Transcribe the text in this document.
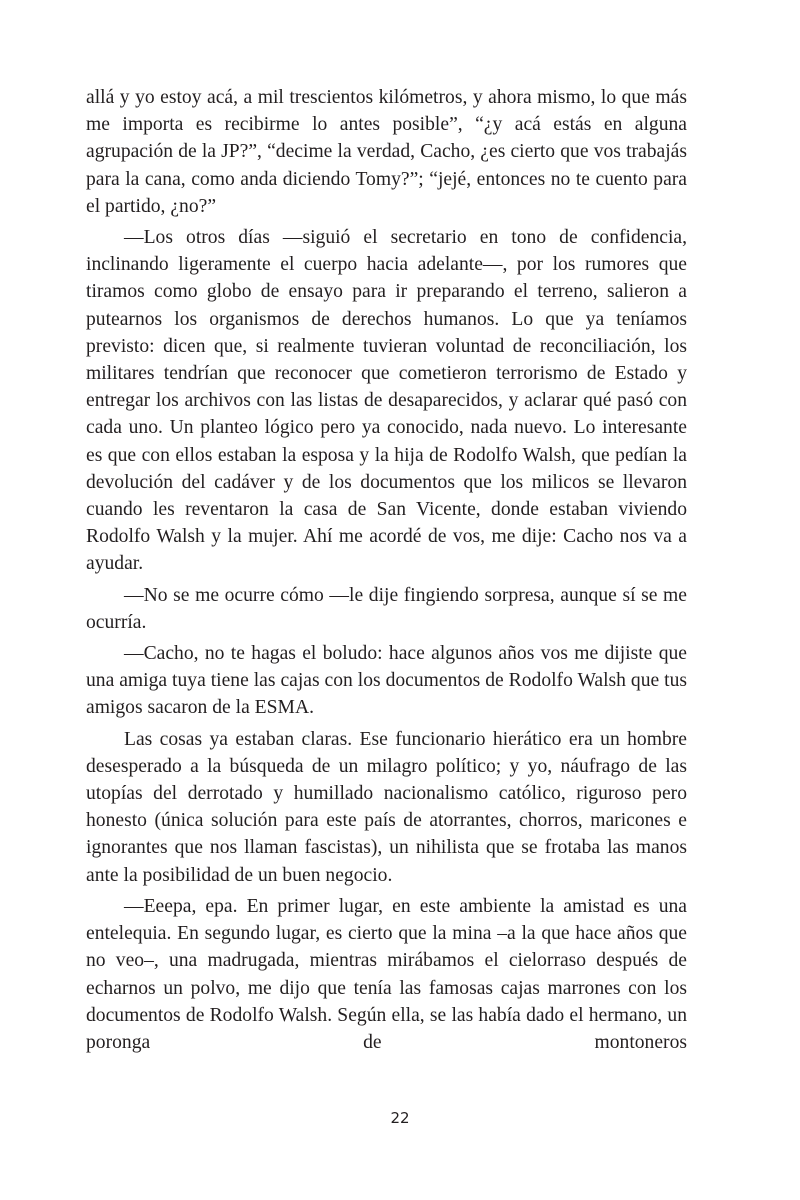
allá y yo estoy acá, a mil trescientos kilómetros, y ahora mismo, lo que más me importa es recibirme lo antes posible”, “¿y acá estás en alguna agrupación de la JP?”, “decime la verdad, Cacho, ¿es cierto que vos trabajás para la cana, como anda diciendo Tomy?”; “jejé, entonces no te cuento para el partido, ¿no?”

—Los otros días —siguió el secretario en tono de confidencia, inclinando ligeramente el cuerpo hacia adelante—, por los rumores que tiramos como globo de ensayo para ir preparando el terreno, salieron a putearnos los organismos de derechos humanos. Lo que ya teníamos previsto: dicen que, si realmente tuvieran voluntad de reconciliación, los militares tendrían que reconocer que cometieron terrorismo de Estado y entregar los archivos con las listas de desaparecidos, y aclarar qué pasó con cada uno. Un planteo lógico pero ya conocido, nada nuevo. Lo interesante es que con ellos estaban la esposa y la hija de Rodolfo Walsh, que pedían la devolución del cadáver y de los documentos que los milicos se llevaron cuando les reventaron la casa de San Vicente, donde estaban viviendo Rodolfo Walsh y la mujer. Ahí me acordé de vos, me dije: Cacho nos va a ayudar.

—No se me ocurre cómo —le dije fingiendo sorpresa, aunque sí se me ocurría.

—Cacho, no te hagas el boludo: hace algunos años vos me dijiste que una amiga tuya tiene las cajas con los documentos de Rodolfo Walsh que tus amigos sacaron de la ESMA.

Las cosas ya estaban claras. Ese funcionario hierático era un hombre desesperado a la búsqueda de un milagro político; y yo, náufrago de las utopías del derrotado y humillado nacionalismo católico, riguroso pero honesto (única solución para este país de atorrantes, chorros, maricones e ignorantes que nos llaman fascistas), un nihilista que se frotaba las manos ante la posibilidad de un buen negocio.

—Eeepa, epa. En primer lugar, en este ambiente la amistad es una entelequia. En segundo lugar, es cierto que la mina –a la que hace años que no veo–, una madrugada, mientras mirábamos el cielorraso después de echarnos un polvo, me dijo que tenía las famosas cajas marrones con los documentos de Rodolfo Walsh. Según ella, se las había dado el hermano, un poronga de montoneros

22
